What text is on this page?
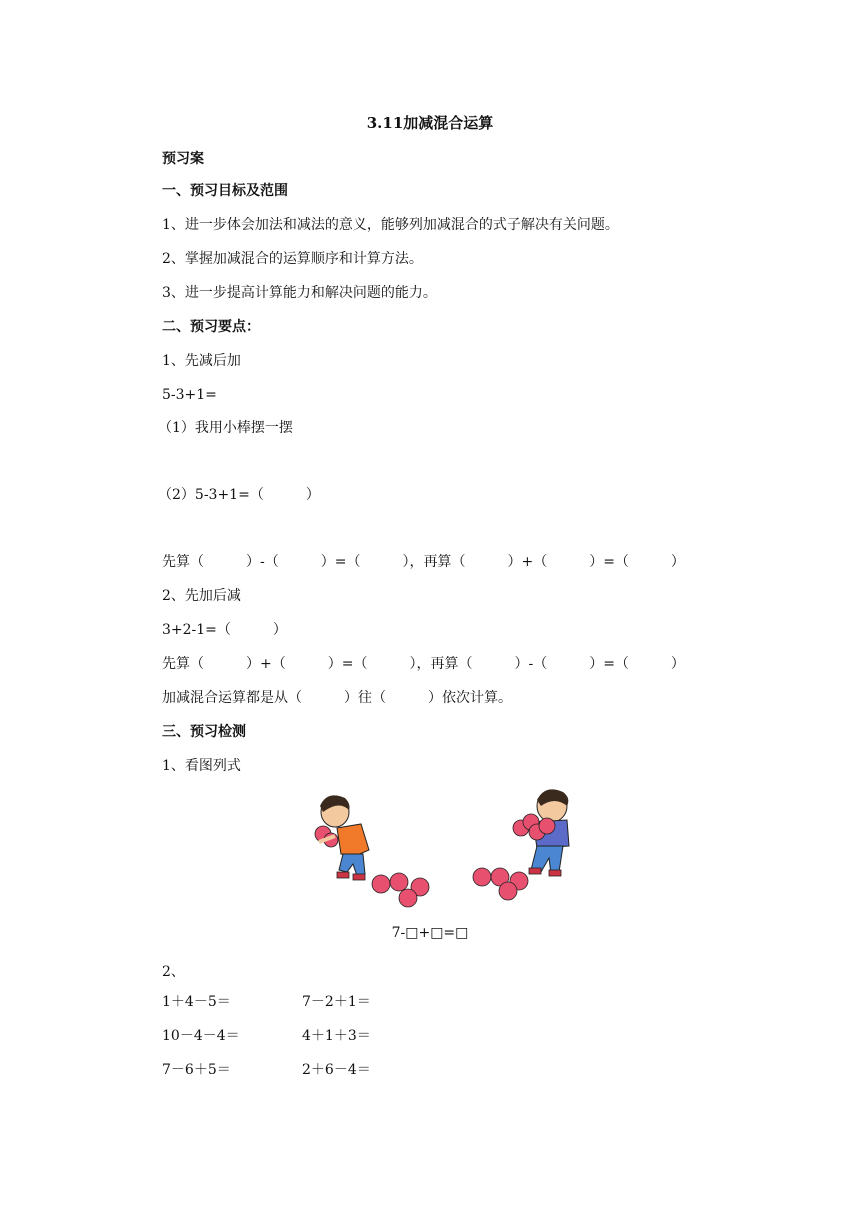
3.11加减混合运算
预习案
一、预习目标及范围
1、进一步体会加法和减法的意义，能够列加减混合的式子解决有关问题。
2、掌握加减混合的运算顺序和计算方法。
3、进一步提高计算能力和解决问题的能力。
二、预习要点：
1、先减后加
5-3+1=
（1）我用小棒摆一摆
（2）5-3+1=（　　　）
先算（　　　）-（　　　）=（　　　），再算（　　　）+（　　　）=（　　　）
2、先加后减
3+2-1=（　　　）
先算（　　　）+（　　　）=（　　　），再算（　　　）-（　　　）=（　　　）
加减混合运算都是从（　　　）往（　　　）依次计算。
三、预习检测
1、看图列式
7-□+□=□
2、
1＋4－5＝	7－2＋1＝
10－4－4＝	4＋1＋3＝
7－6＋5＝	2＋6－4＝
